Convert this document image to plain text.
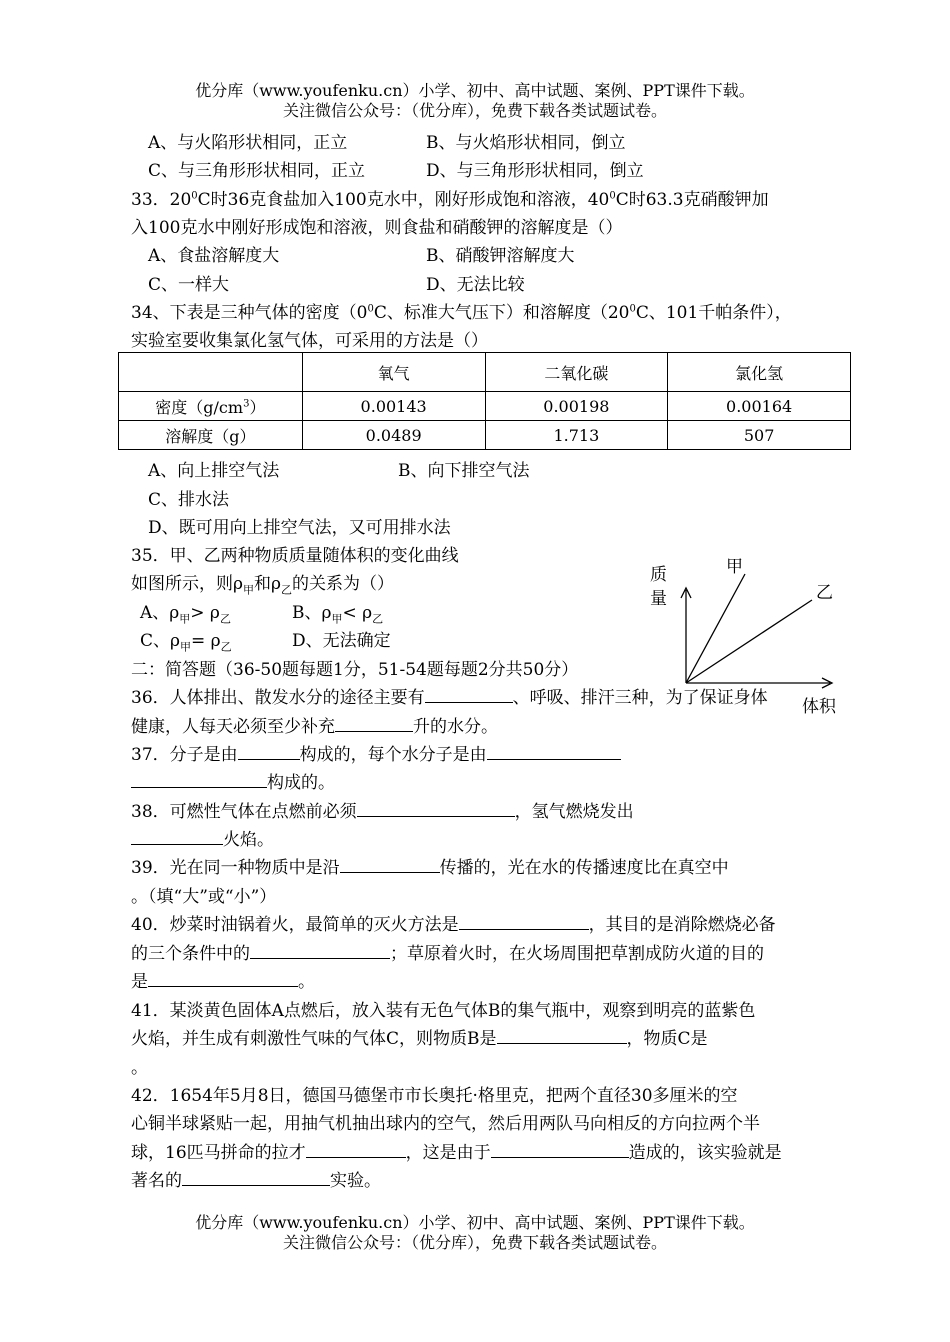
优分库（www.youfenku.cn）小学、初中、高中试题、案例、PPT课件下载。
关注微信公众号：（优分库），免费下载各类试题试卷。
A、与火陷形状相同，正立	B、与火焰形状相同，倒立
C、与三角形形状相同，正立	D、与三角形形状相同，倒立
33．$20^0C$时36克食盐加入100克水中，刚好形成饱和溶液，$40^0C$时63.3克硝酸钾加
入100克水中刚好形成饱和溶液，则食盐和硝酸钾的溶解度是（）
A、食盐溶解度大	B、硝酸钾溶解度大
C、一样大	D、无法比较
34、下表是三种气体的密度（$0^0C$、标准大气压下）和溶解度（$20^0C$、101千帕条件），
实验室要收集氯化氢气体，可采用的方法是（）
	氧气	二氧化碳	氯化氢
密度$(g/cm^3)$	0.00143	0.00198	0.00164
溶解度（g）	0.0489	1.713	507
A、向上排空气法	B、向下排空气法
C、排水法
D、既可用向上排空气法，又可用排水法
35．甲、乙两种物质质量随体积的变化曲线
如图所示，则$\rho_甲$和$\rho_乙$的关系为（）
A、$\rho_甲> \rho_乙$	B、$\rho_甲< \rho_乙$
C、$\rho_甲= \rho_乙$	D、无法确定
质
量
甲
乙
体积
二：简答题（36-50题每题1分，51-54题每题2分共50分）
36．人体排出、散发水分的途径主要有	、呼吸、排汗三种，为了保证身体
健康，人每天必须至少补充	升的水分。
37．分子是由	构成的，每个水分子是由
构成的。
38．可燃性气体在点燃前必须	，氢气燃烧发出
火焰。
39．光在同一种物质中是沿	传播的，光在水的传播速度比在真空中
。（填“大”或“小”）
40．炒菜时油锅着火，最简单的灭火方法是	，其目的是消除燃烧必备
的三个条件中的	；草原着火时，在火场周围把草割成防火道的目的
是	。
41．某淡黄色固体A点燃后，放入装有无色气体B的集气瓶中，观察到明亮的蓝紫色
火焰，并生成有刺激性气味的气体C，则物质B是	，物质C是
。
42．1654年5月8日，德国马德堡市市长奥托·格里克，把两个直径30多厘米的空
心铜半球紧贴一起，用抽气机抽出球内的空气，然后用两队马向相反的方向拉两个半
球，16匹马拼命的拉才	，这是由于	造成的，该实验就是
著名的	实验。
优分库（www.youfenku.cn）小学、初中、高中试题、案例、PPT课件下载。
关注微信公众号：（优分库），免费下载各类试题试卷。
